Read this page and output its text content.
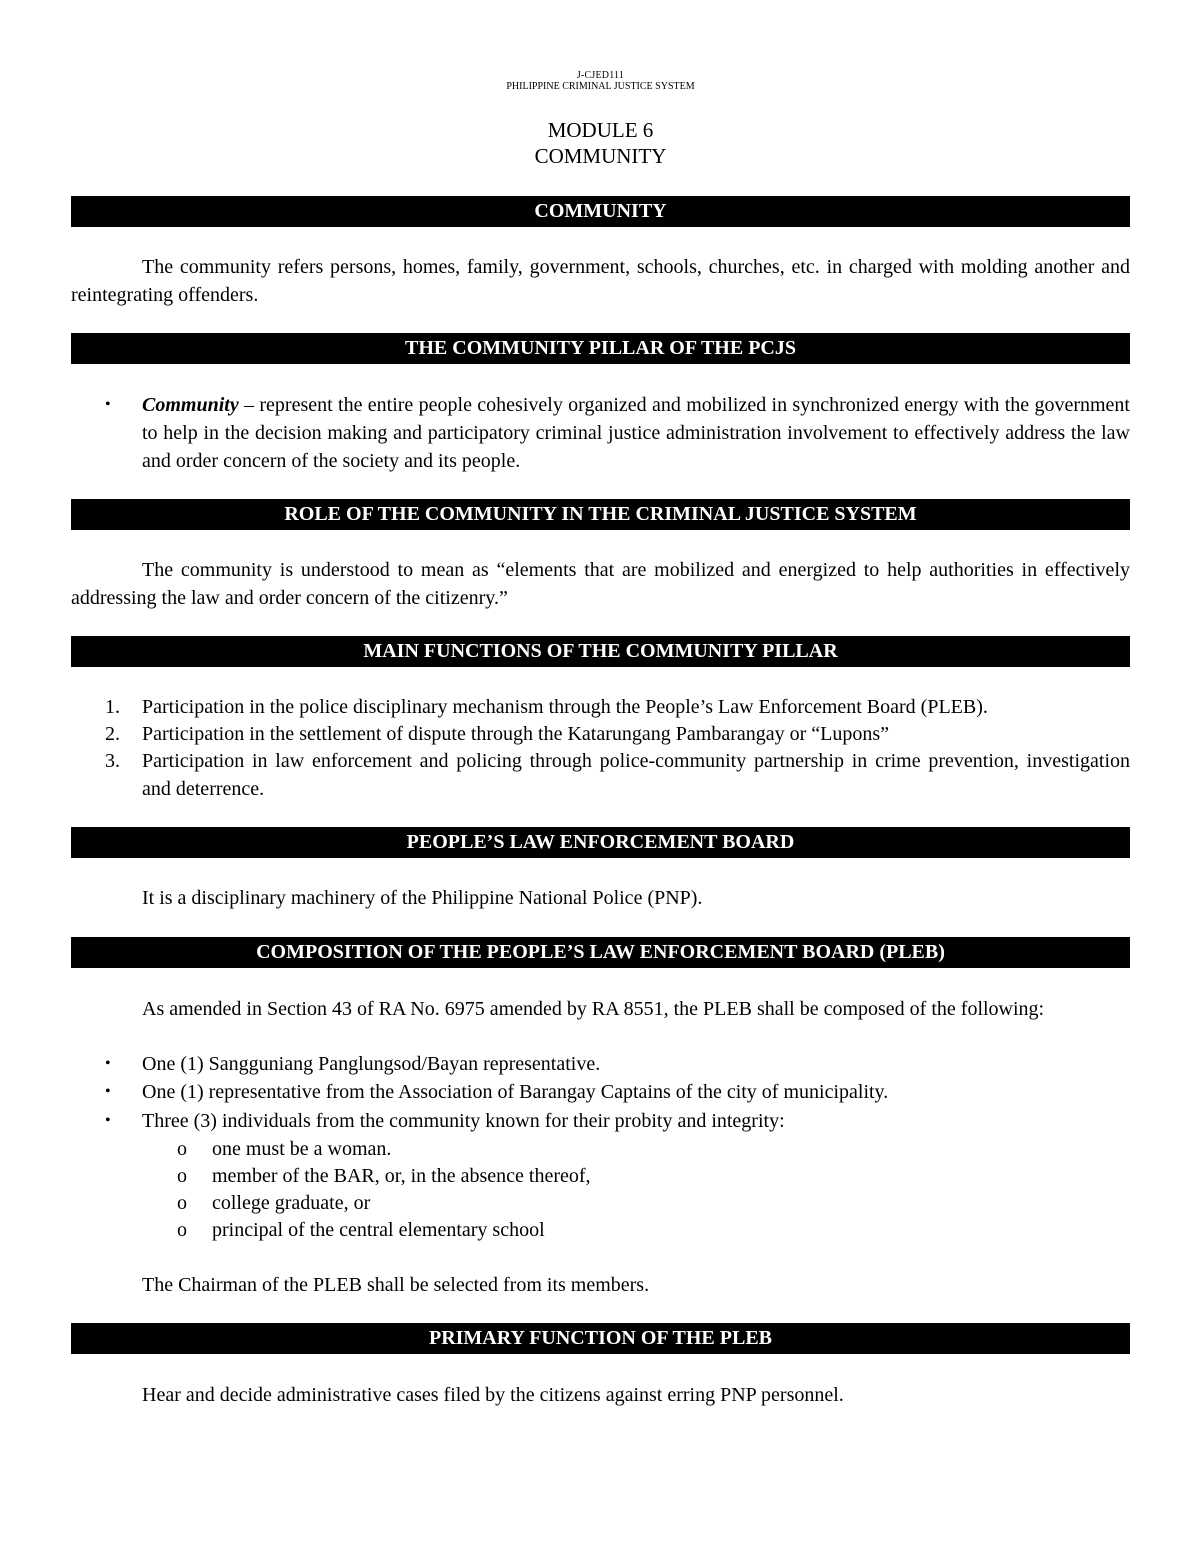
J-CJED111
PHILIPPINE CRIMINAL JUSTICE SYSTEM
MODULE 6
COMMUNITY
COMMUNITY

The community refers persons, homes, family, government, schools, churches, etc. in charged with molding another and reintegrating offenders.

THE COMMUNITY PILLAR OF THE PCJS
• Community – represent the entire people cohesively organized and mobilized in synchronized energy with the government to help in the decision making and participatory criminal justice administration involvement to effectively address the law and order concern of the society and its people.
ROLE OF THE COMMUNITY IN THE CRIMINAL JUSTICE SYSTEM

The community is understood to mean as “elements that are mobilized and energized to help authorities in effectively addressing the law and order concern of the citizenry.”

MAIN FUNCTIONS OF THE COMMUNITY PILLAR
1. Participation in the police disciplinary mechanism through the People’s Law Enforcement Board (PLEB).
2. Participation in the settlement of dispute through the Katarungang Pambarangay or “Lupons”
3. Participation in law enforcement and policing through police-community partnership in crime prevention, investigation and deterrence.
PEOPLE’S LAW ENFORCEMENT BOARD

It is a disciplinary machinery of the Philippine National Police (PNP).

COMPOSITION OF THE PEOPLE’S LAW ENFORCEMENT BOARD (PLEB)

As amended in Section 43 of RA No. 6975 amended by RA 8551, the PLEB shall be composed of the following:

• One (1) Sangguniang Panglungsod/Bayan representative.
• One (1) representative from the Association of Barangay Captains of the city of municipality.
• Three (3) individuals from the community known for their probity and integrity:
o one must be a woman.
o member of the BAR, or, in the absence thereof,
o college graduate, or
o principal of the central elementary school

The Chairman of the PLEB shall be selected from its members.

PRIMARY FUNCTION OF THE PLEB

Hear and decide administrative cases filed by the citizens against erring PNP personnel.
